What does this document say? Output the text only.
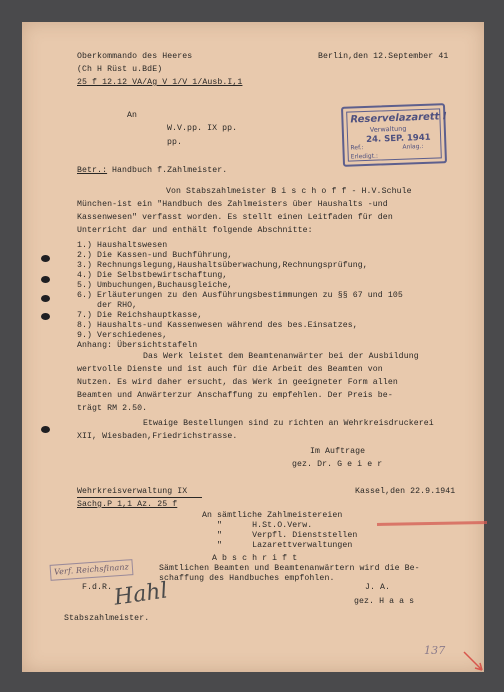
Oberkommando des Heeres
(Ch H Rüst u.BdE)
25 f 12.12 VA/Ag V 1/V 1/Ausb.I,1
Berlin,den 12.September 41
Reservelazarett I
Verwaltung
24. SEP. 1941
Ref.:	Anlag.:
Erledigt.:
An
W.V.pp. IX pp.
pp.
Betr.: Handbuch f.Zahlmeister.
Von Stabszahlmeister B i s c h o f f - H.V.Schule
München-ist ein "Handbuch des Zahlmeisters über Haushalts -und
Kassenwesen" verfasst worden. Es stellt einen Leitfaden für den
Unterricht dar und enthält folgende Abschnitte:
1.) Haushaltswesen
2.) Die Kassen-und Buchführung,
3.) Rechnungslegung,Haushaltsüberwachung,Rechnungsprüfung,
4.) Die Selbstbewirtschaftung,
5.) Umbuchungen,Buchausgleiche,
6.) Erläuterungen zu den Ausführungsbestimmungen zu §§ 67 und 105
der RHO,
7.) Die Reichshauptkasse,
8.) Haushalts-und Kassenwesen während des bes.Einsatzes,
9.) Verschiedenes,
Anhang: Übersichtstafeln
Das Werk leistet dem Beamtenanwärter bei der Ausbildung
wertvolle Dienste und ist auch für die Arbeit des Beamten von
Nutzen. Es wird daher ersucht, das Werk in geeigneter Form allen
Beamten und Anwärterzur Anschaffung zu empfehlen. Der Preis be-
trägt RM 2.50.
Etwaige Bestellungen sind zu richten an Wehrkreisdruckerei
XII, Wiesbaden,Friedrichstrasse.
Im Auftrage
gez. Dr. G e i e r
Wehrkreisverwaltung IX
Sachg.P 1,1 Az. 25 f
Kassel,den 22.9.1941
An sämtliche Zahlmeistereien
"      H.St.O.Verw.
"      Verpfl. Dienststellen
"      Lazarettverwaltungen
A b s c h r i f t
Sämtlichen Beamten und Beamtenanwärtern wird die Be-
schaffung des Handbuches empfohlen.
J. A.
gez. H a a s
F.d.R.
Stabszahlmeister.
Verf. Reichsfinanz
Hahl
137
